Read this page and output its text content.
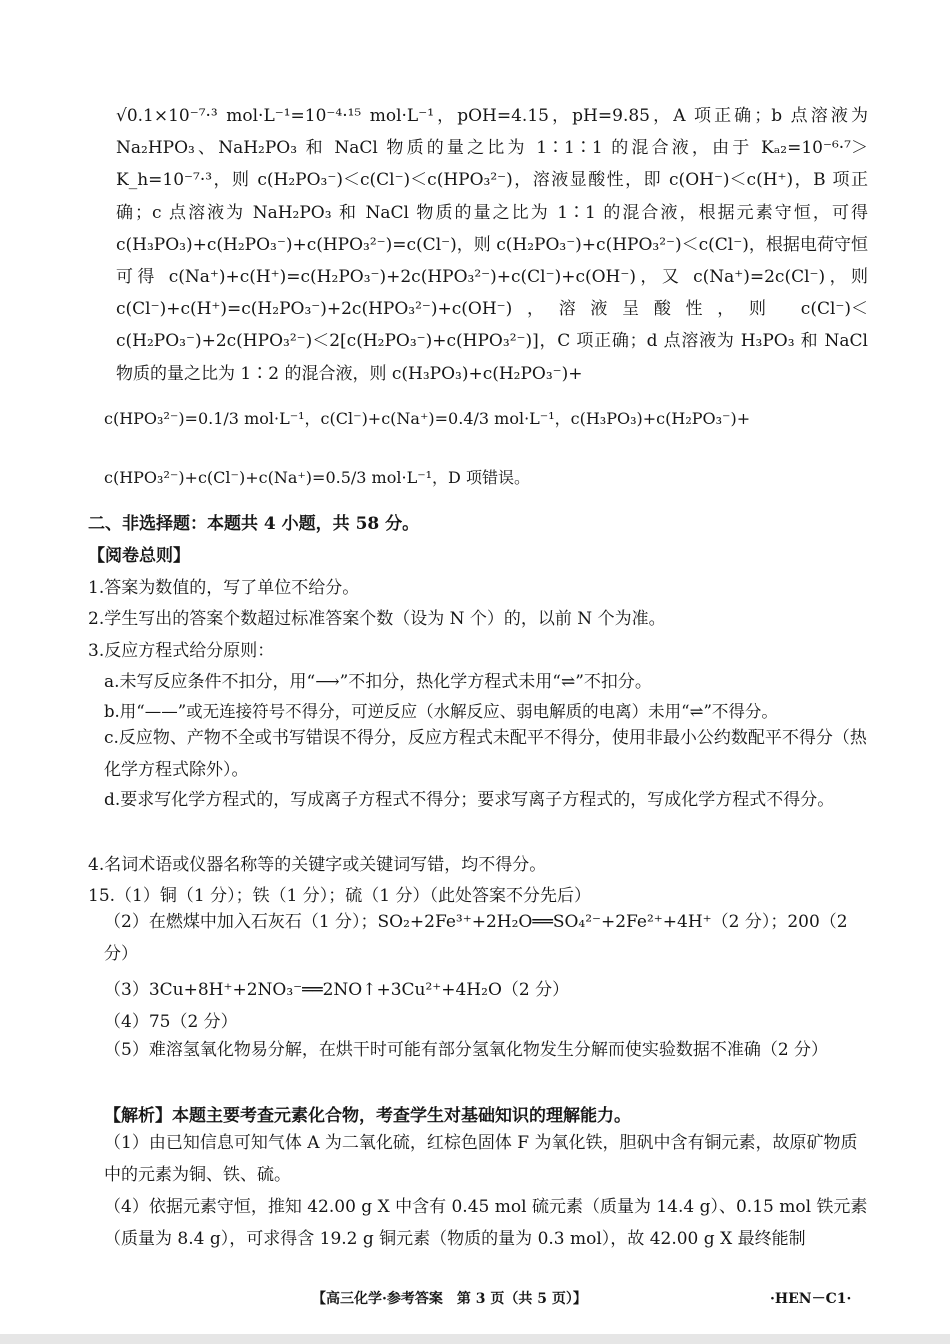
√0.1×10⁻⁷·³ mol·L⁻¹=10⁻⁴·¹⁵ mol·L⁻¹，pOH=4.15，pH=9.85，A 项正确；b 点溶液为 Na₂HPO₃、NaH₂PO₃ 和 NaCl 物质的量之比为 1∶1∶1 的混合液，由于 Kₐ₂=10⁻⁶·⁷＞K_h=10⁻⁷·³，则 c(H₂PO₃⁻)＜c(Cl⁻)＜c(HPO₃²⁻)，溶液显酸性，即 c(OH⁻)＜c(H⁺)，B 项正确；c 点溶液为 NaH₂PO₃ 和 NaCl 物质的量之比为 1∶1 的混合液，根据元素守恒，可得 c(H₃PO₃)+c(H₂PO₃⁻)+c(HPO₃²⁻)=c(Cl⁻)，则 c(H₂PO₃⁻)+c(HPO₃²⁻)＜c(Cl⁻)，根据电荷守恒可得 c(Na⁺)+c(H⁺)=c(H₂PO₃⁻)+2c(HPO₃²⁻)+c(Cl⁻)+c(OH⁻)，又 c(Na⁺)=2c(Cl⁻)，则 c(Cl⁻)+c(H⁺)=c(H₂PO₃⁻)+2c(HPO₃²⁻)+c(OH⁻)，溶液呈酸性，则 c(Cl⁻)＜c(H₂PO₃⁻)+2c(HPO₃²⁻)＜2[c(H₂PO₃⁻)+c(HPO₃²⁻)]，C 项正确；d 点溶液为 H₃PO₃ 和 NaCl 物质的量之比为 1∶2 的混合液，则 c(H₃PO₃)+c(H₂PO₃⁻)+

c(HPO₃²⁻)=0.1/3 mol·L⁻¹，c(Cl⁻)+c(Na⁺)=0.4/3 mol·L⁻¹，c(H₃PO₃)+c(H₂PO₃⁻)+
c(HPO₃²⁻)+c(Cl⁻)+c(Na⁺)=0.5/3 mol·L⁻¹，D 项错误。
二、非选择题：本题共 4 小题，共 58 分。
【阅卷总则】
1.答案为数值的，写了单位不给分。
2.学生写出的答案个数超过标准答案个数（设为 N 个）的，以前 N 个为准。
3.反应方程式给分原则：
a.未写反应条件不扣分，用“⟶”不扣分，热化学方程式未用“⇌”不扣分。
b.用“——”或无连接符号不得分，可逆反应（水解反应、弱电解质的电离）未用“⇌”不得分。
c.反应物、产物不全或书写错误不得分，反应方程式未配平不得分，使用非最小公约数配平不得分（热化学方程式除外）。
d.要求写化学方程式的，写成离子方程式不得分；要求写离子方程式的，写成化学方程式不得分。
4.名词术语或仪器名称等的关键字或关键词写错，均不得分。
15.（1）铜（1 分）；铁（1 分）；硫（1 分）（此处答案不分先后）
（2）在燃煤中加入石灰石（1 分）；SO₂+2Fe³⁺+2H₂O══SO₄²⁻+2Fe²⁺+4H⁺（2 分）；200（2 分）
（3）3Cu+8H⁺+2NO₃⁻══2NO↑+3Cu²⁺+4H₂O（2 分）
（4）75（2 分）
（5）难溶氢氧化物易分解，在烘干时可能有部分氢氧化物发生分解而使实验数据不准确（2 分）
【解析】本题主要考查元素化合物，考查学生对基础知识的理解能力。
（1）由已知信息可知气体 A 为二氧化硫，红棕色固体 F 为氧化铁，胆矾中含有铜元素，故原矿物质中的元素为铜、铁、硫。
（4）依据元素守恒，推知 42.00 g X 中含有 0.45 mol 硫元素（质量为 14.4 g）、0.15 mol 铁元素（质量为 8.4 g），可求得含 19.2 g 铜元素（物质的量为 0.3 mol），故 42.00 g X 最终能制
【高三化学·参考答案　第 3 页（共 5 页）】	·HEN－C1·
